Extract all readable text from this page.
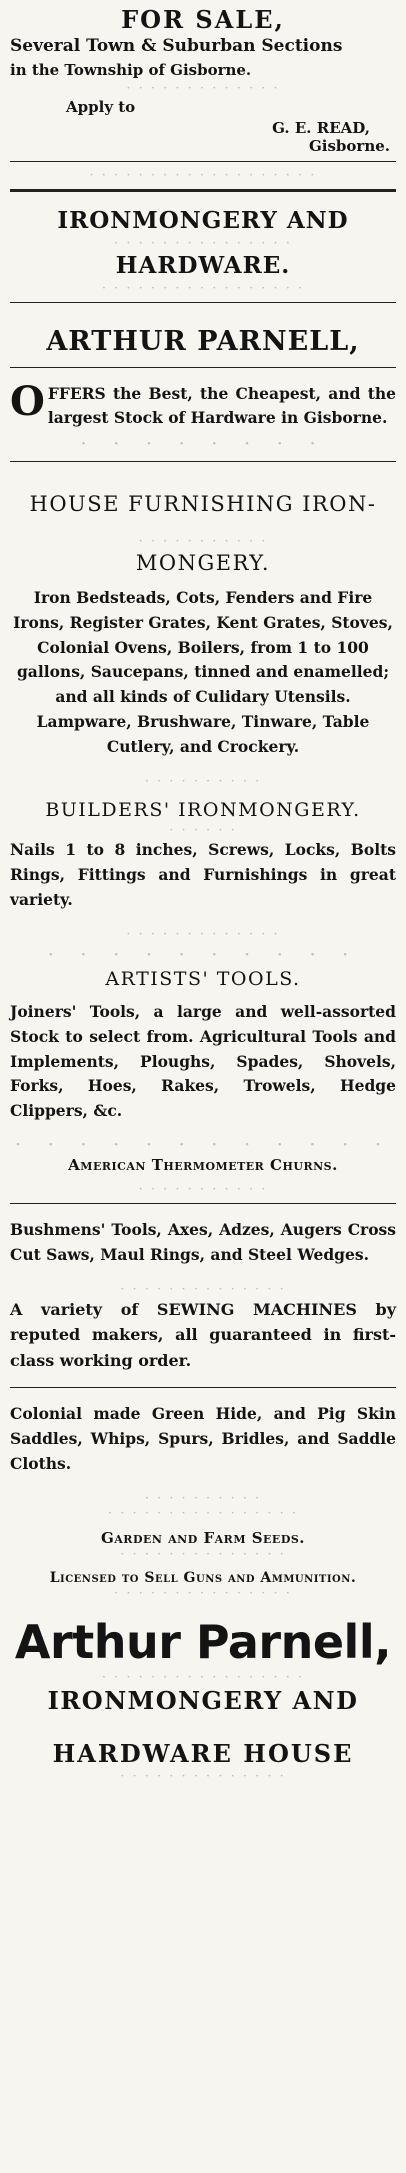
FOR SALE,
Several Town & Suburban Sections
in the Township of Gisborne.
· · · · · · · · · · · · ·
Apply to
G. E. READ,
Gisborne.
· · · · · · · · · · · · · · · · · · ·
IRONMONGERY AND
· · · · · · · · · · · · · · ·
HARDWARE.
· · · · · · · · · · · · · · · · ·
ARTHUR PARNELL,
OFFERS the Best, the Cheapest, and the largest Stock of Hardware in Gisborne.
· · · · · · · ·
HOUSE FURNISHING IRON-
· · · · · · · · · · ·
MONGERY.
Iron Bedsteads, Cots, Fenders and Fire Irons, Register Grates, Kent Grates, Stoves, Colonial Ovens, Boilers, from 1 to 100 gallons, Saucepans, tinned and enamelled; and all kinds of Culidary Utensils. Lampware, Brushware, Tinware, Table Cutlery, and Crockery.
· · · · · · · · · ·
BUILDERS' IRONMONGERY.
· · · · · ·
Nails 1 to 8 inches, Screws, Locks, Bolts Rings, Fittings and Furnishings in great variety.
· · · · · · · · · · · · ·
· · · · · · · · · ·
ARTISTS' TOOLS.
Joiners' Tools, a large and well-assorted Stock to select from. Agricultural Tools and Implements, Ploughs, Spades, Shovels, Forks, Hoes, Rakes, Trowels, Hedge Clippers, &c.
· · · · · · · · · · · ·
American Thermometer Churns.
· · · · · · · · · · ·
Bushmens' Tools, Axes, Adzes, Augers Cross Cut Saws, Maul Rings, and Steel Wedges.
· · · · · · · · · · · · · ·
A variety of SEWING MACHINES by reputed makers, all guaranteed in first-class working order.
Colonial made Green Hide, and Pig Skin Saddles, Whips, Spurs, Bridles, and Saddle Cloths.
· · · · · · · · · ·
· · · · · · · · · · · · · · · ·
Garden and Farm Seeds.
· · · · · · · · · · · · · ·
Licensed to Sell Guns and Ammunition.
· · · · · · · · · · · · · · ·
Arthur Parnell,
· · · · · · · · · · · · · · · · ·
IRONMONGERY AND
HARDWARE HOUSE
· · · · · · · · · · · · · ·
